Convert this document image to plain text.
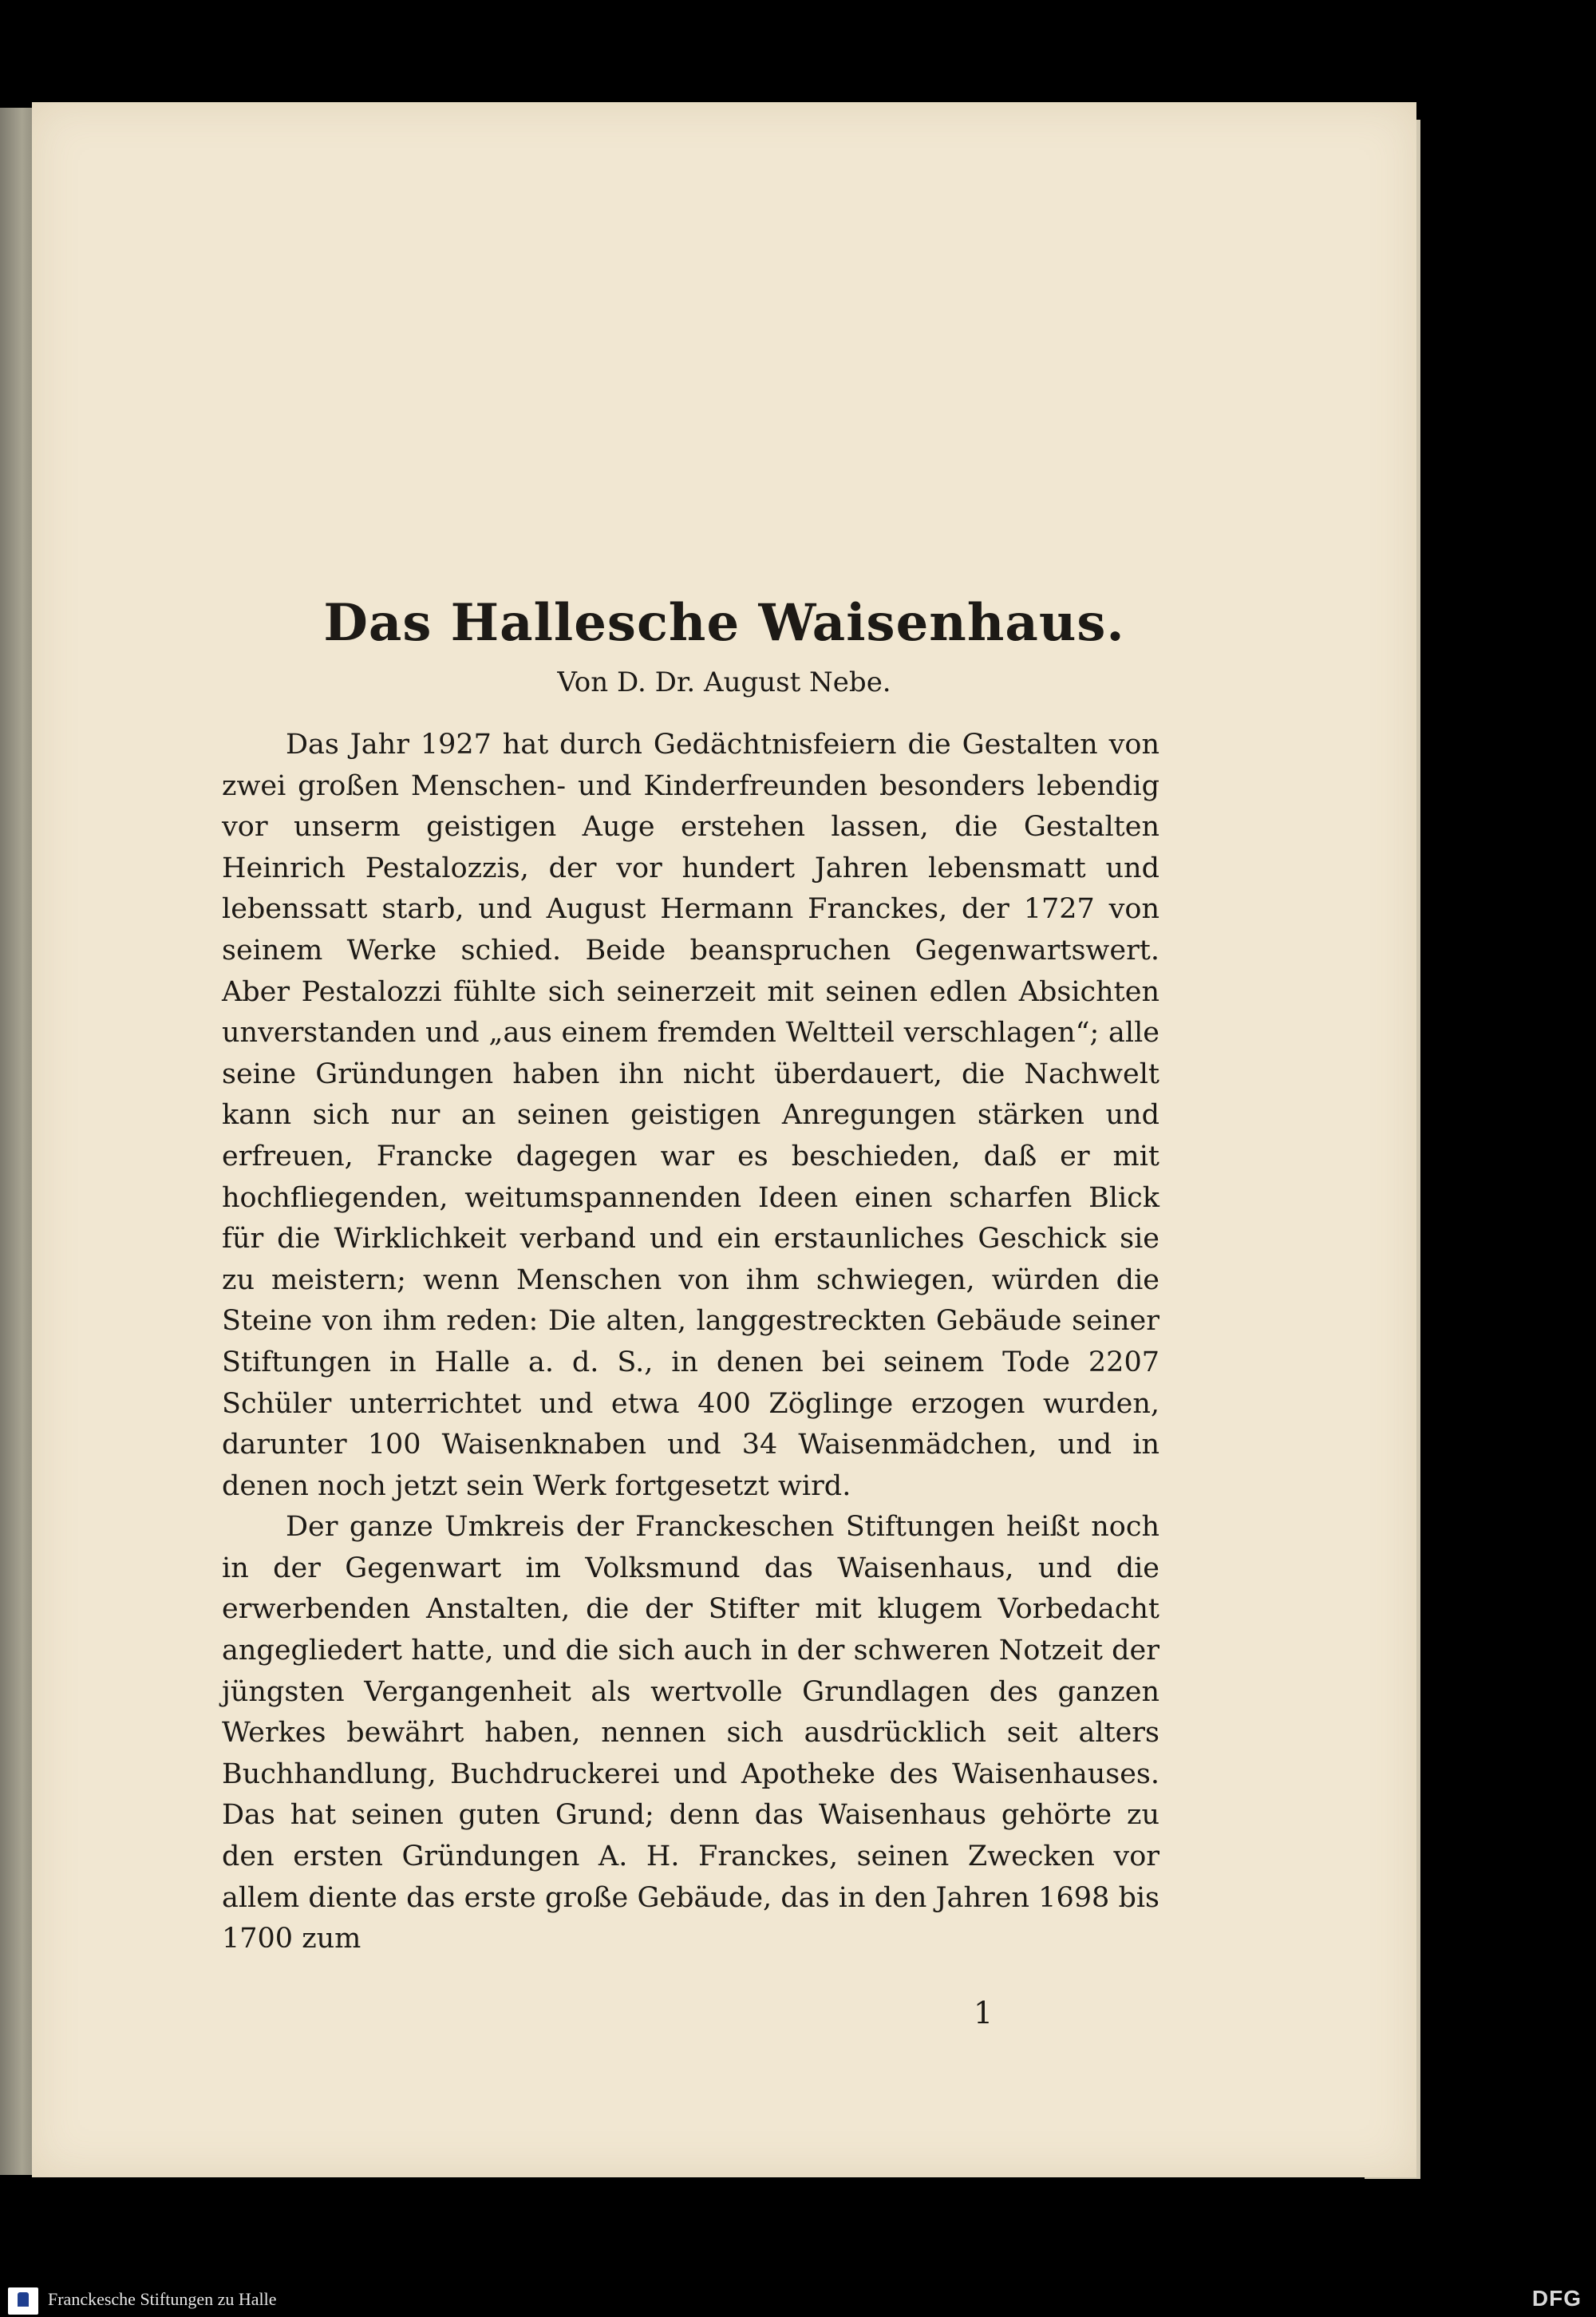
Das Hallesche Waisenhaus.
Von D. Dr. August Nebe.

Das Jahr 1927 hat durch Gedächtnisfeiern die Gestalten von zwei großen Menschen- und Kinderfreunden besonders lebendig vor unserm geistigen Auge erstehen lassen, die Gestalten Heinrich Pestalozzis, der vor hundert Jahren lebensmatt und lebenssatt starb, und August Hermann Franckes, der 1727 von seinem Werke schied. Beide beanspruchen Gegenwartswert. Aber Pestalozzi fühlte sich seinerzeit mit seinen edlen Absichten unverstanden und „aus einem fremden Weltteil verschlagen“; alle seine Gründungen haben ihn nicht überdauert, die Nachwelt kann sich nur an seinen geistigen Anregungen stärken und erfreuen, Francke dagegen war es beschieden, daß er mit hochfliegenden, weitumspannenden Ideen einen scharfen Blick für die Wirklichkeit verband und ein erstaunliches Geschick sie zu meistern; wenn Menschen von ihm schwiegen, würden die Steine von ihm reden: Die alten, langgestreckten Gebäude seiner Stiftungen in Halle a. d. S., in denen bei seinem Tode 2207 Schüler unterrichtet und etwa 400 Zöglinge erzogen wurden, darunter 100 Waisenknaben und 34 Waisenmädchen, und in denen noch jetzt sein Werk fortgesetzt wird.

Der ganze Umkreis der Franckeschen Stiftungen heißt noch in der Gegenwart im Volksmund das Waisenhaus, und die erwerbenden Anstalten, die der Stifter mit klugem Vorbedacht angegliedert hatte, und die sich auch in der schweren Notzeit der jüngsten Vergangenheit als wertvolle Grundlagen des ganzen Werkes bewährt haben, nennen sich ausdrücklich seit alters Buchhandlung, Buchdruckerei und Apotheke des Waisenhauses. Das hat seinen guten Grund; denn das Waisenhaus gehörte zu den ersten Gründungen A. H. Franckes, seinen Zwecken vor allem diente das erste große Gebäude, das in den Jahren 1698 bis 1700 zum

1
Franckesche Stiftungen zu Halle	DFG
